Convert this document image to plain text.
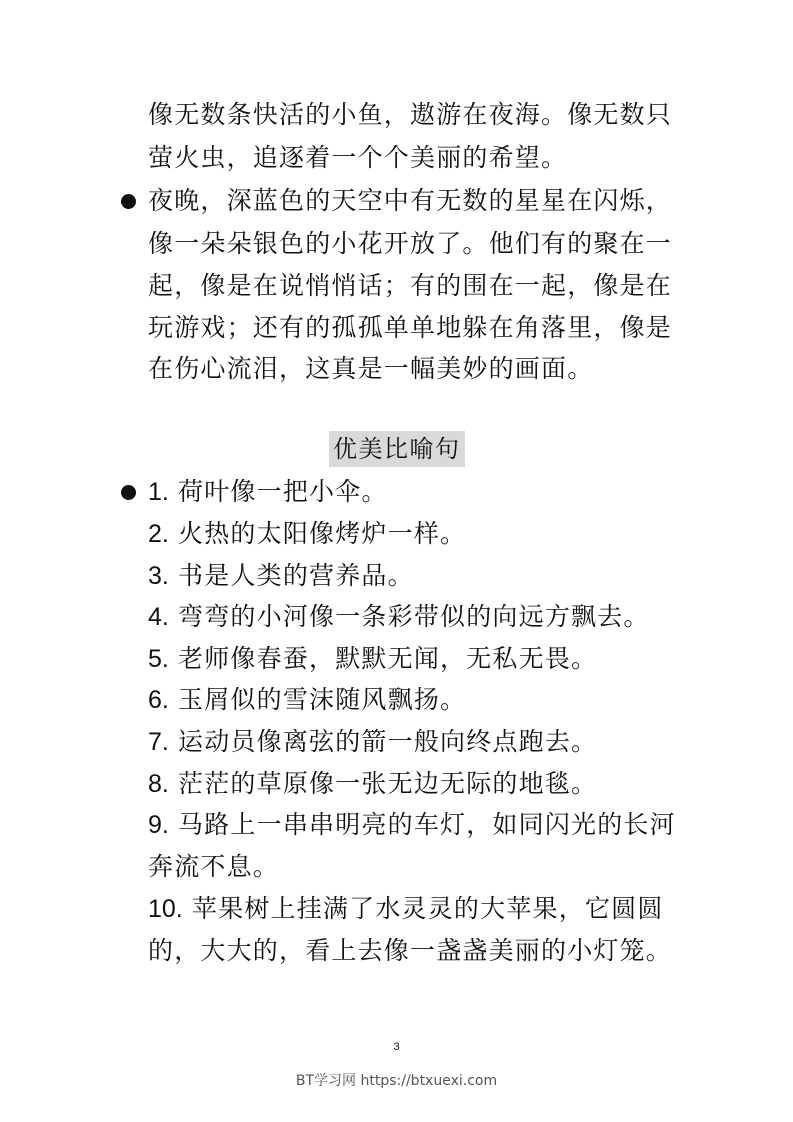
像无数条快活的小鱼，遨游在夜海。像无数只
萤火虫，追逐着一个个美丽的希望。
夜晚，深蓝色的天空中有无数的星星在闪烁，
像一朵朵银色的小花开放了。他们有的聚在一
起，像是在说悄悄话；有的围在一起，像是在
玩游戏；还有的孤孤单单地躲在角落里，像是
在伤心流泪，这真是一幅美妙的画面。
优美比喻句
1. 荷叶像一把小伞。
2. 火热的太阳像烤炉一样。
3. 书是人类的营养品。
4. 弯弯的小河像一条彩带似的向远方飘去。
5. 老师像春蚕，默默无闻，无私无畏。
6. 玉屑似的雪沫随风飘扬。
7. 运动员像离弦的箭一般向终点跑去。
8. 茫茫的草原像一张无边无际的地毯。
9. 马路上一串串明亮的车灯，如同闪光的长河
奔流不息。
10. 苹果树上挂满了水灵灵的大苹果，它圆圆
的，大大的，看上去像一盏盏美丽的小灯笼。
3
BT学习网 https://btxuexi.com
